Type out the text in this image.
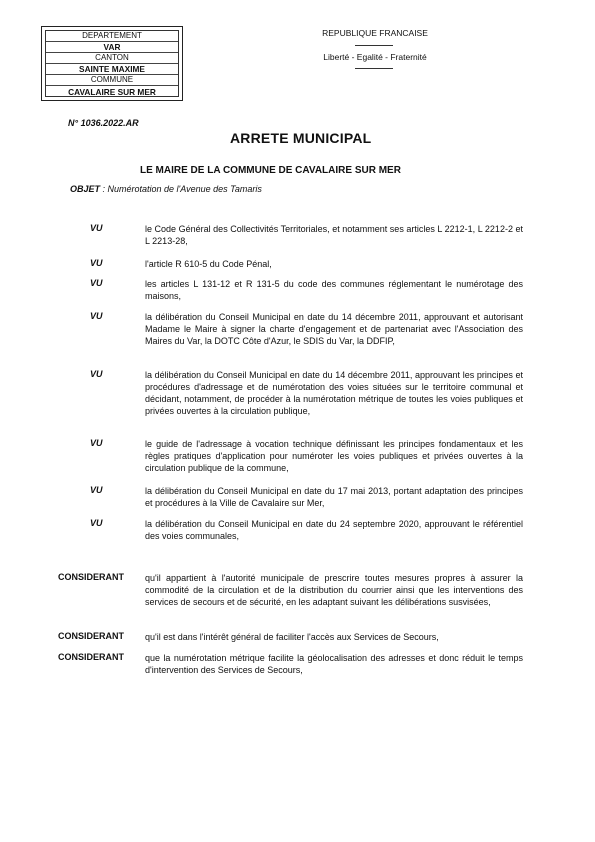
DEPARTEMENT
VAR
CANTON
SAINTE MAXIME
COMMUNE
CAVALAIRE SUR MER
REPUBLIQUE FRANCAISE
Liberté - Egalité - Fraternité
N° 1036.2022.AR
ARRETE MUNICIPAL
LE MAIRE DE LA COMMUNE DE CAVALAIRE SUR MER
OBJET : Numérotation de l'Avenue des Tamaris
VU	le Code Général des Collectivités Territoriales, et notamment ses articles L 2212-1, L 2212-2 et L 2213-28,
VU	l'article R 610-5 du Code Pénal,
VU	les articles L 131-12 et R 131-5 du code des communes réglementant le numérotage des maisons,
VU	la délibération du Conseil Municipal en date du 14 décembre 2011, approuvant et autorisant Madame le Maire à signer la charte d'engagement et de partenariat avec l'Association des Maires du Var, la DOTC Côte d'Azur, le SDIS du Var, la DDFIP,
VU	la délibération du Conseil Municipal en date du 14 décembre 2011, approuvant les principes et procédures d'adressage et de numérotation des voies situées sur le territoire communal et décidant, notamment, de procéder à la numérotation métrique de toutes les voies publiques et privées ouvertes à la circulation publique,
VU	le guide de l'adressage à vocation technique définissant les principes fondamentaux et les règles pratiques d'application pour numéroter les voies publiques et privées ouvertes à la circulation publique de la commune,
VU	la délibération du Conseil Municipal en date du 17 mai 2013, portant adaptation des principes et procédures à la Ville de Cavalaire sur Mer,
VU	la délibération du Conseil Municipal en date du 24 septembre 2020, approuvant le référentiel des voies communales,
CONSIDERANT qu'il appartient à l'autorité municipale de prescrire toutes mesures propres à assurer la commodité de la circulation et de la distribution du courrier ainsi que les interventions des services de secours et de sécurité, en les adaptant suivant les délibérations susvisées,
CONSIDERANT qu'il est dans l'intérêt général de faciliter l'accès aux Services de Secours,
CONSIDERANT que la numérotation métrique facilite la géolocalisation des adresses et donc réduit le temps d'intervention des Services de Secours,
